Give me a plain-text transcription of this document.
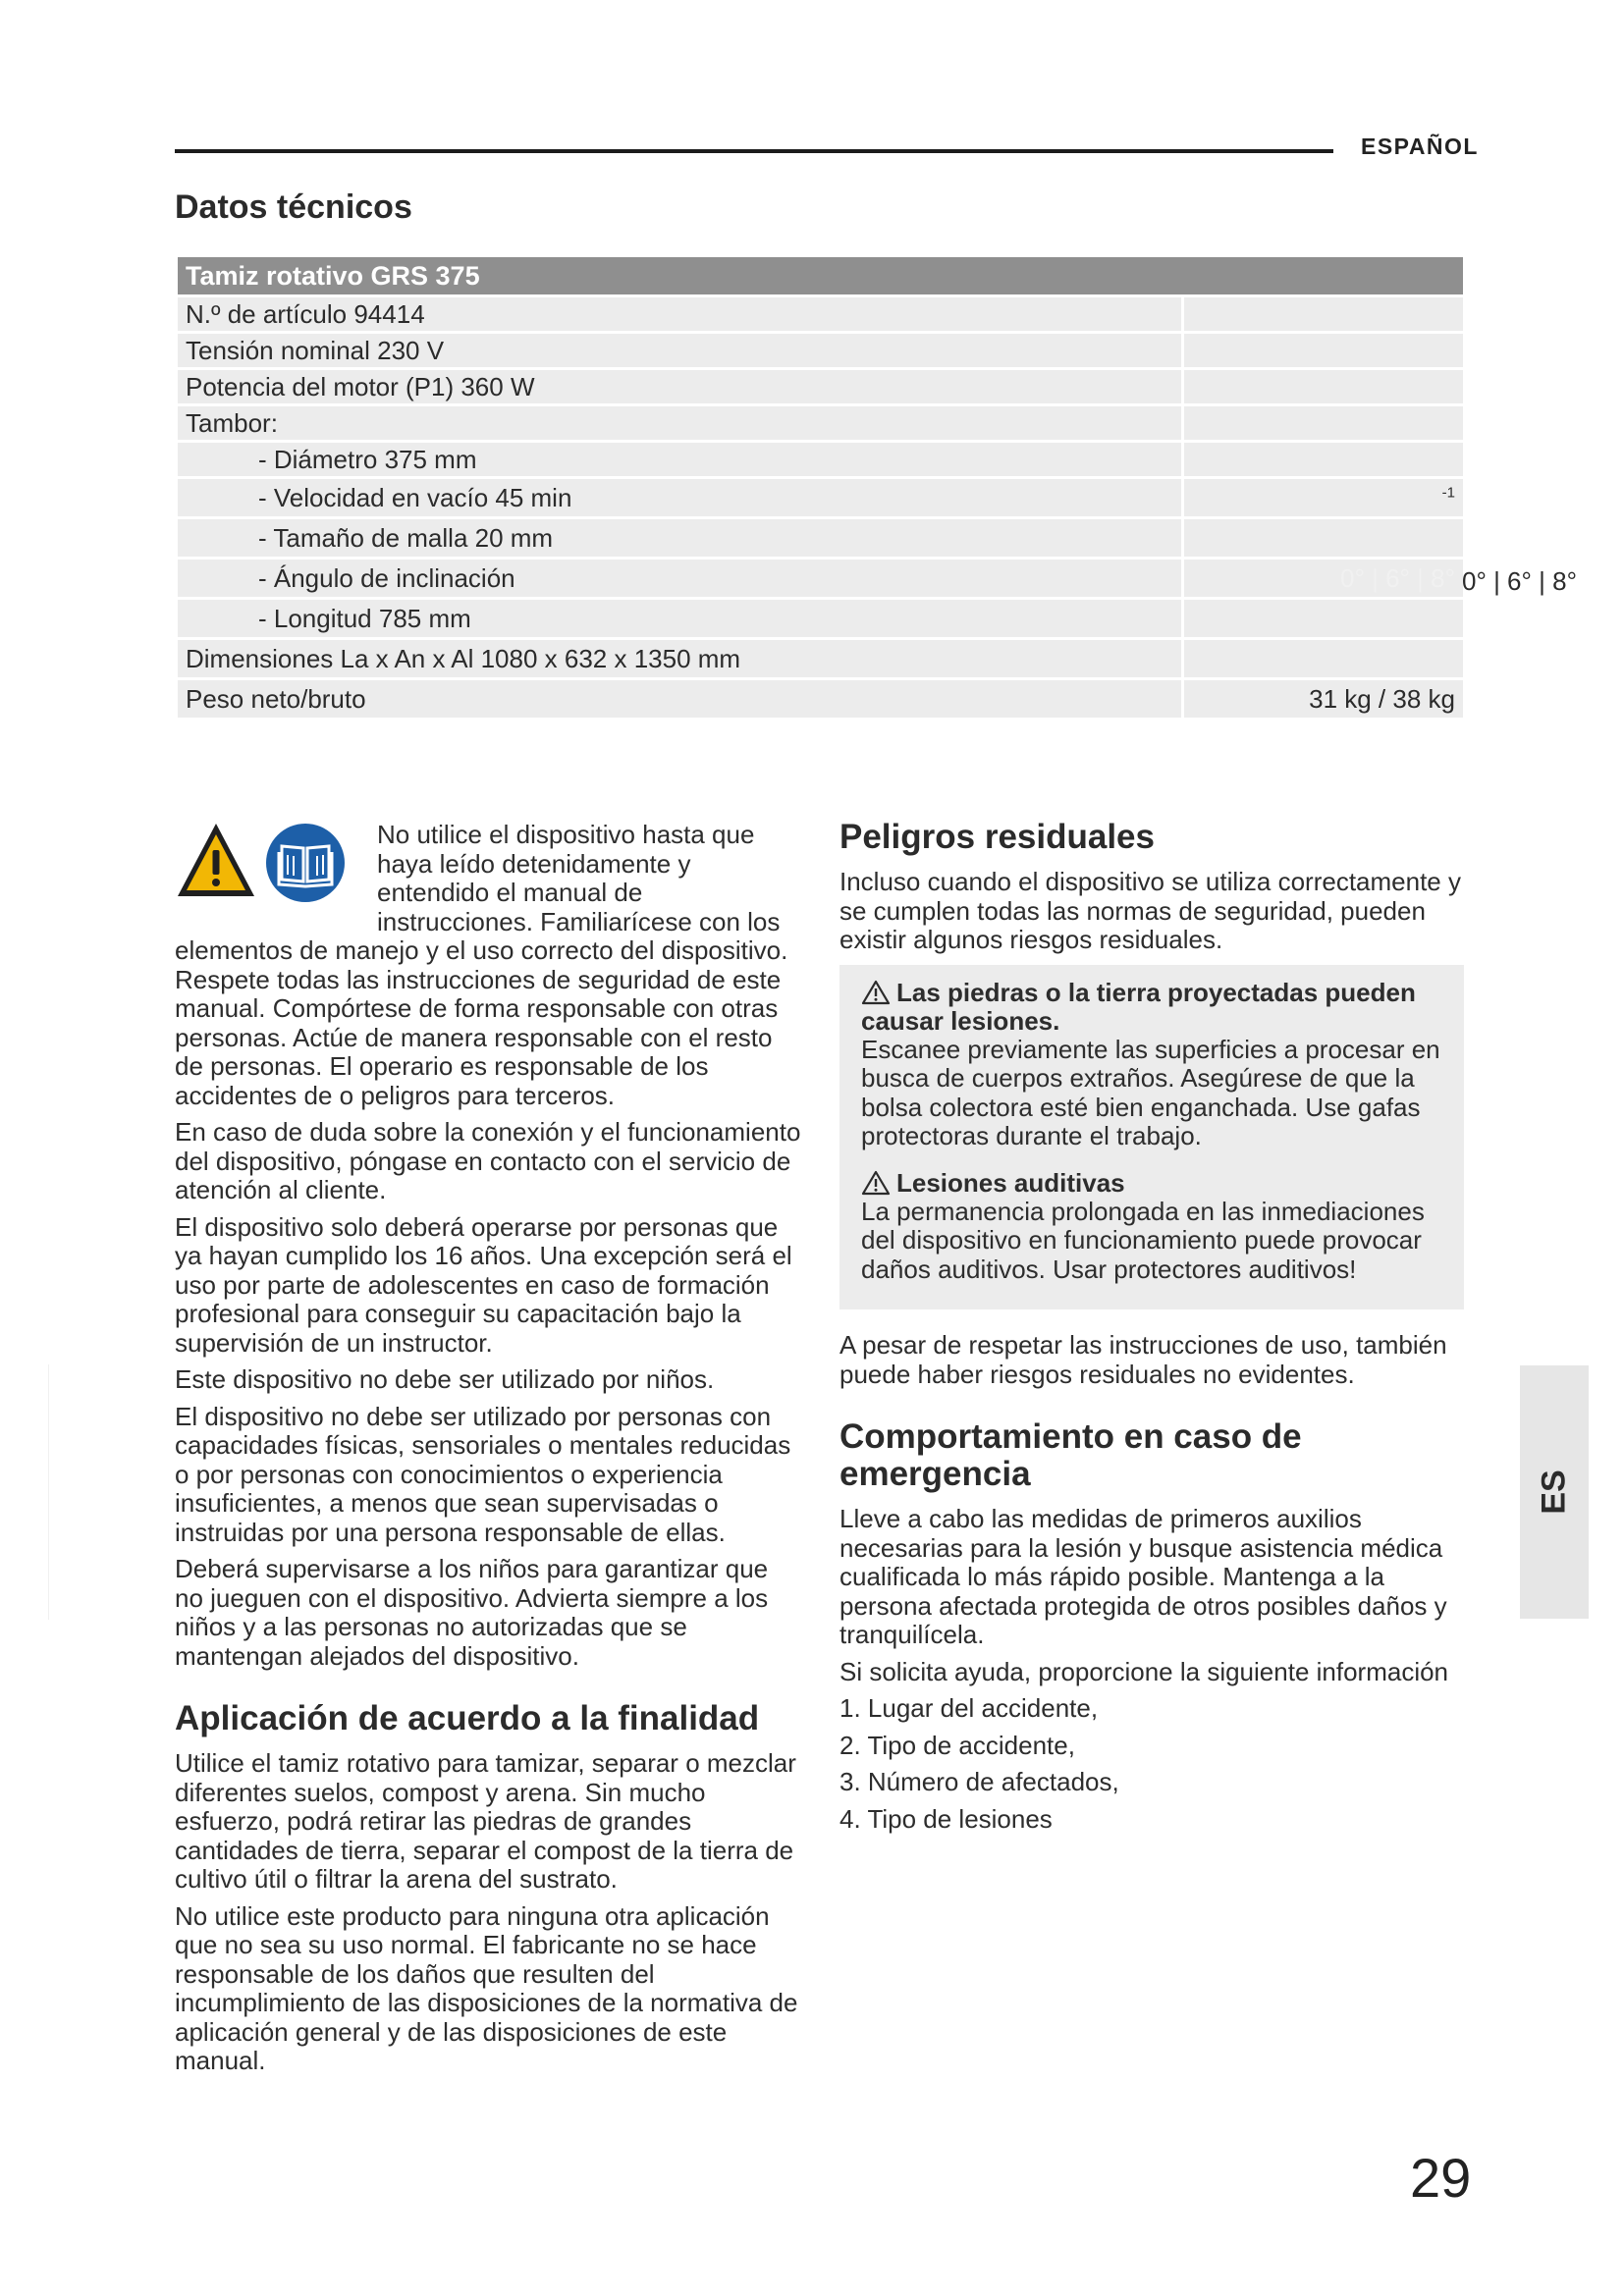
ESPAÑOL
Datos técnicos
Tamiz rotativo GRS 375	
N.º de artículo 94414	
Tensión nominal 230 V	
Potencia del motor (P1) 360 W	
Tambor:	
- Diámetro 375 mm	
- Velocidad en vacío 45 min	$^{-1}$
- Tamaño de malla 20 mm	
- Ángulo de inclinación	0° | 6° | 8°
- Longitud 785 mm	
Dimensiones La x An x Al 1080 x 632 x 1350 mm	
Peso neto/bruto	31 kg / 38 kg
0° | 6° | 8°

No utilice el dispositivo hasta que haya leído detenidamente y entendido el manual de instrucciones. Familiarícese con los elementos de manejo y el uso correcto del dispositivo. Respete todas las instrucciones de seguridad de este manual. Compórtese de forma responsable con otras personas. Actúe de manera responsable con el resto de personas. El operario es responsable de los accidentes de o peligros para terceros.

En caso de duda sobre la conexión y el funcionamiento del dispositivo, póngase en contacto con el servicio de atención al cliente.

El dispositivo solo deberá operarse por personas que ya hayan cumplido los 16 años. Una excepción será el uso por parte de adolescentes en caso de formación profesional para conseguir su capacitación bajo la supervisión de un instructor.

Este dispositivo no debe ser utilizado por niños.

El dispositivo no debe ser utilizado por personas con capacidades físicas, sensoriales o mentales reducidas o por personas con conocimientos o experiencia insuficientes, a menos que sean supervisadas o instruidas por una persona responsable de ellas.

Deberá supervisarse a los niños para garantizar que no jueguen con el dispositivo. Advierta siempre a los niños y a las personas no autorizadas que se mantengan alejados del dispositivo.

Aplicación de acuerdo a la finalidad

Utilice el tamiz rotativo para tamizar, separar o mezclar diferentes suelos, compost y arena. Sin mucho esfuerzo, podrá retirar las piedras de grandes cantidades de tierra, separar el compost de la tierra de cultivo útil o filtrar la arena del sustrato.

No utilice este producto para ninguna otra aplicación que no sea su uso normal. El fabricante no se hace responsable de los daños que resulten del incumplimiento de las disposiciones de la normativa de aplicación general y de las disposiciones de este manual.

Peligros residuales

Incluso cuando el dispositivo se utiliza correctamente y se cumplen todas las normas de seguridad, pueden existir algunos riesgos residuales.

Las piedras o la tierra proyectadas pueden causar lesiones.

Escanee previamente las superficies a procesar en busca de cuerpos extraños. Asegúrese de que la bolsa colectora esté bien enganchada. Use gafas protectoras durante el trabajo.

Lesiones auditivas

La permanencia prolongada en las inmediaciones del dispositivo en funcionamiento puede provocar daños auditivos. Usar protectores auditivos!

A pesar de respetar las instrucciones de uso, también puede haber riesgos residuales no evidentes.

Comportamiento en caso de emergencia

Lleve a cabo las medidas de primeros auxilios necesarias para la lesión y busque asistencia médica cualificada lo más rápido posible. Mantenga a la persona afectada protegida de otros posibles daños y tranquilícela.

Si solicita ayuda, proporcione la siguiente información

1. Lugar del accidente,
2. Tipo de accidente,
3. Número de afectados,
4. Tipo de lesiones
ES
29
